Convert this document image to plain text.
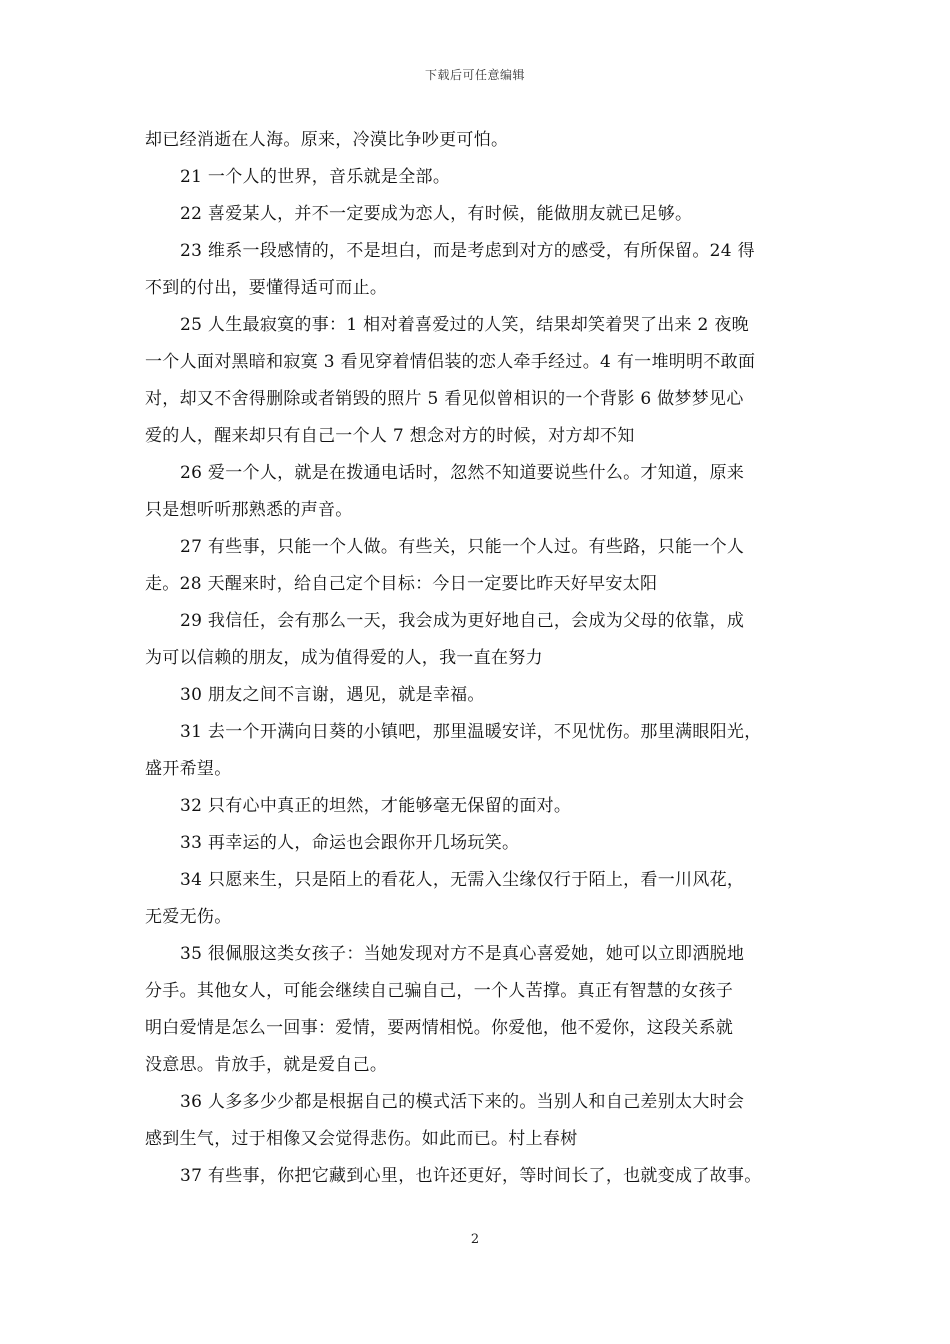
下载后可任意编辑
却已经消逝在人海。原来，冷漠比争吵更可怕。
21 一个人的世界，音乐就是全部。
22 喜爱某人，并不一定要成为恋人，有时候，能做朋友就已足够。
23 维系一段感情的，不是坦白，而是考虑到对方的感受，有所保留。24 得
不到的付出，要懂得适可而止。
25 人生最寂寞的事：1 相对着喜爱过的人笑，结果却笑着哭了出来 2 夜晚
一个人面对黑暗和寂寞 3 看见穿着情侣装的恋人牵手经过。4 有一堆明明不敢面
对，却又不舍得删除或者销毁的照片 5 看见似曾相识的一个背影 6 做梦梦见心
爱的人，醒来却只有自己一个人 7 想念对方的时候，对方却不知
26 爱一个人，就是在拨通电话时，忽然不知道要说些什么。才知道，原来
只是想听听那熟悉的声音。
27 有些事，只能一个人做。有些关，只能一个人过。有些路，只能一个人
走。28 天醒来时，给自己定个目标：今日一定要比昨天好早安太阳
29 我信任，会有那么一天，我会成为更好地自己，会成为父母的依靠，成
为可以信赖的朋友，成为值得爱的人，我一直在努力
30 朋友之间不言谢，遇见，就是幸福。
31 去一个开满向日葵的小镇吧，那里温暖安详，不见忧伤。那里满眼阳光，
盛开希望。
32 只有心中真正的坦然，才能够毫无保留的面对。
33 再幸运的人，命运也会跟你开几场玩笑。
34 只愿来生，只是陌上的看花人，无需入尘缘仅行于陌上，看一川风花，
无爱无伤。
35 很佩服这类女孩子：当她发现对方不是真心喜爱她，她可以立即洒脱地
分手。其他女人，可能会继续自己骗自己，一个人苦撑。真正有智慧的女孩子
明白爱情是怎么一回事：爱情，要两情相悦。你爱他，他不爱你，这段关系就
没意思。肯放手，就是爱自己。
36 人多多少少都是根据自己的模式活下来的。当别人和自己差别太大时会
感到生气，过于相像又会觉得悲伤。如此而已。村上春树
37 有些事，你把它藏到心里，也许还更好，等时间长了，也就变成了故事。
2
